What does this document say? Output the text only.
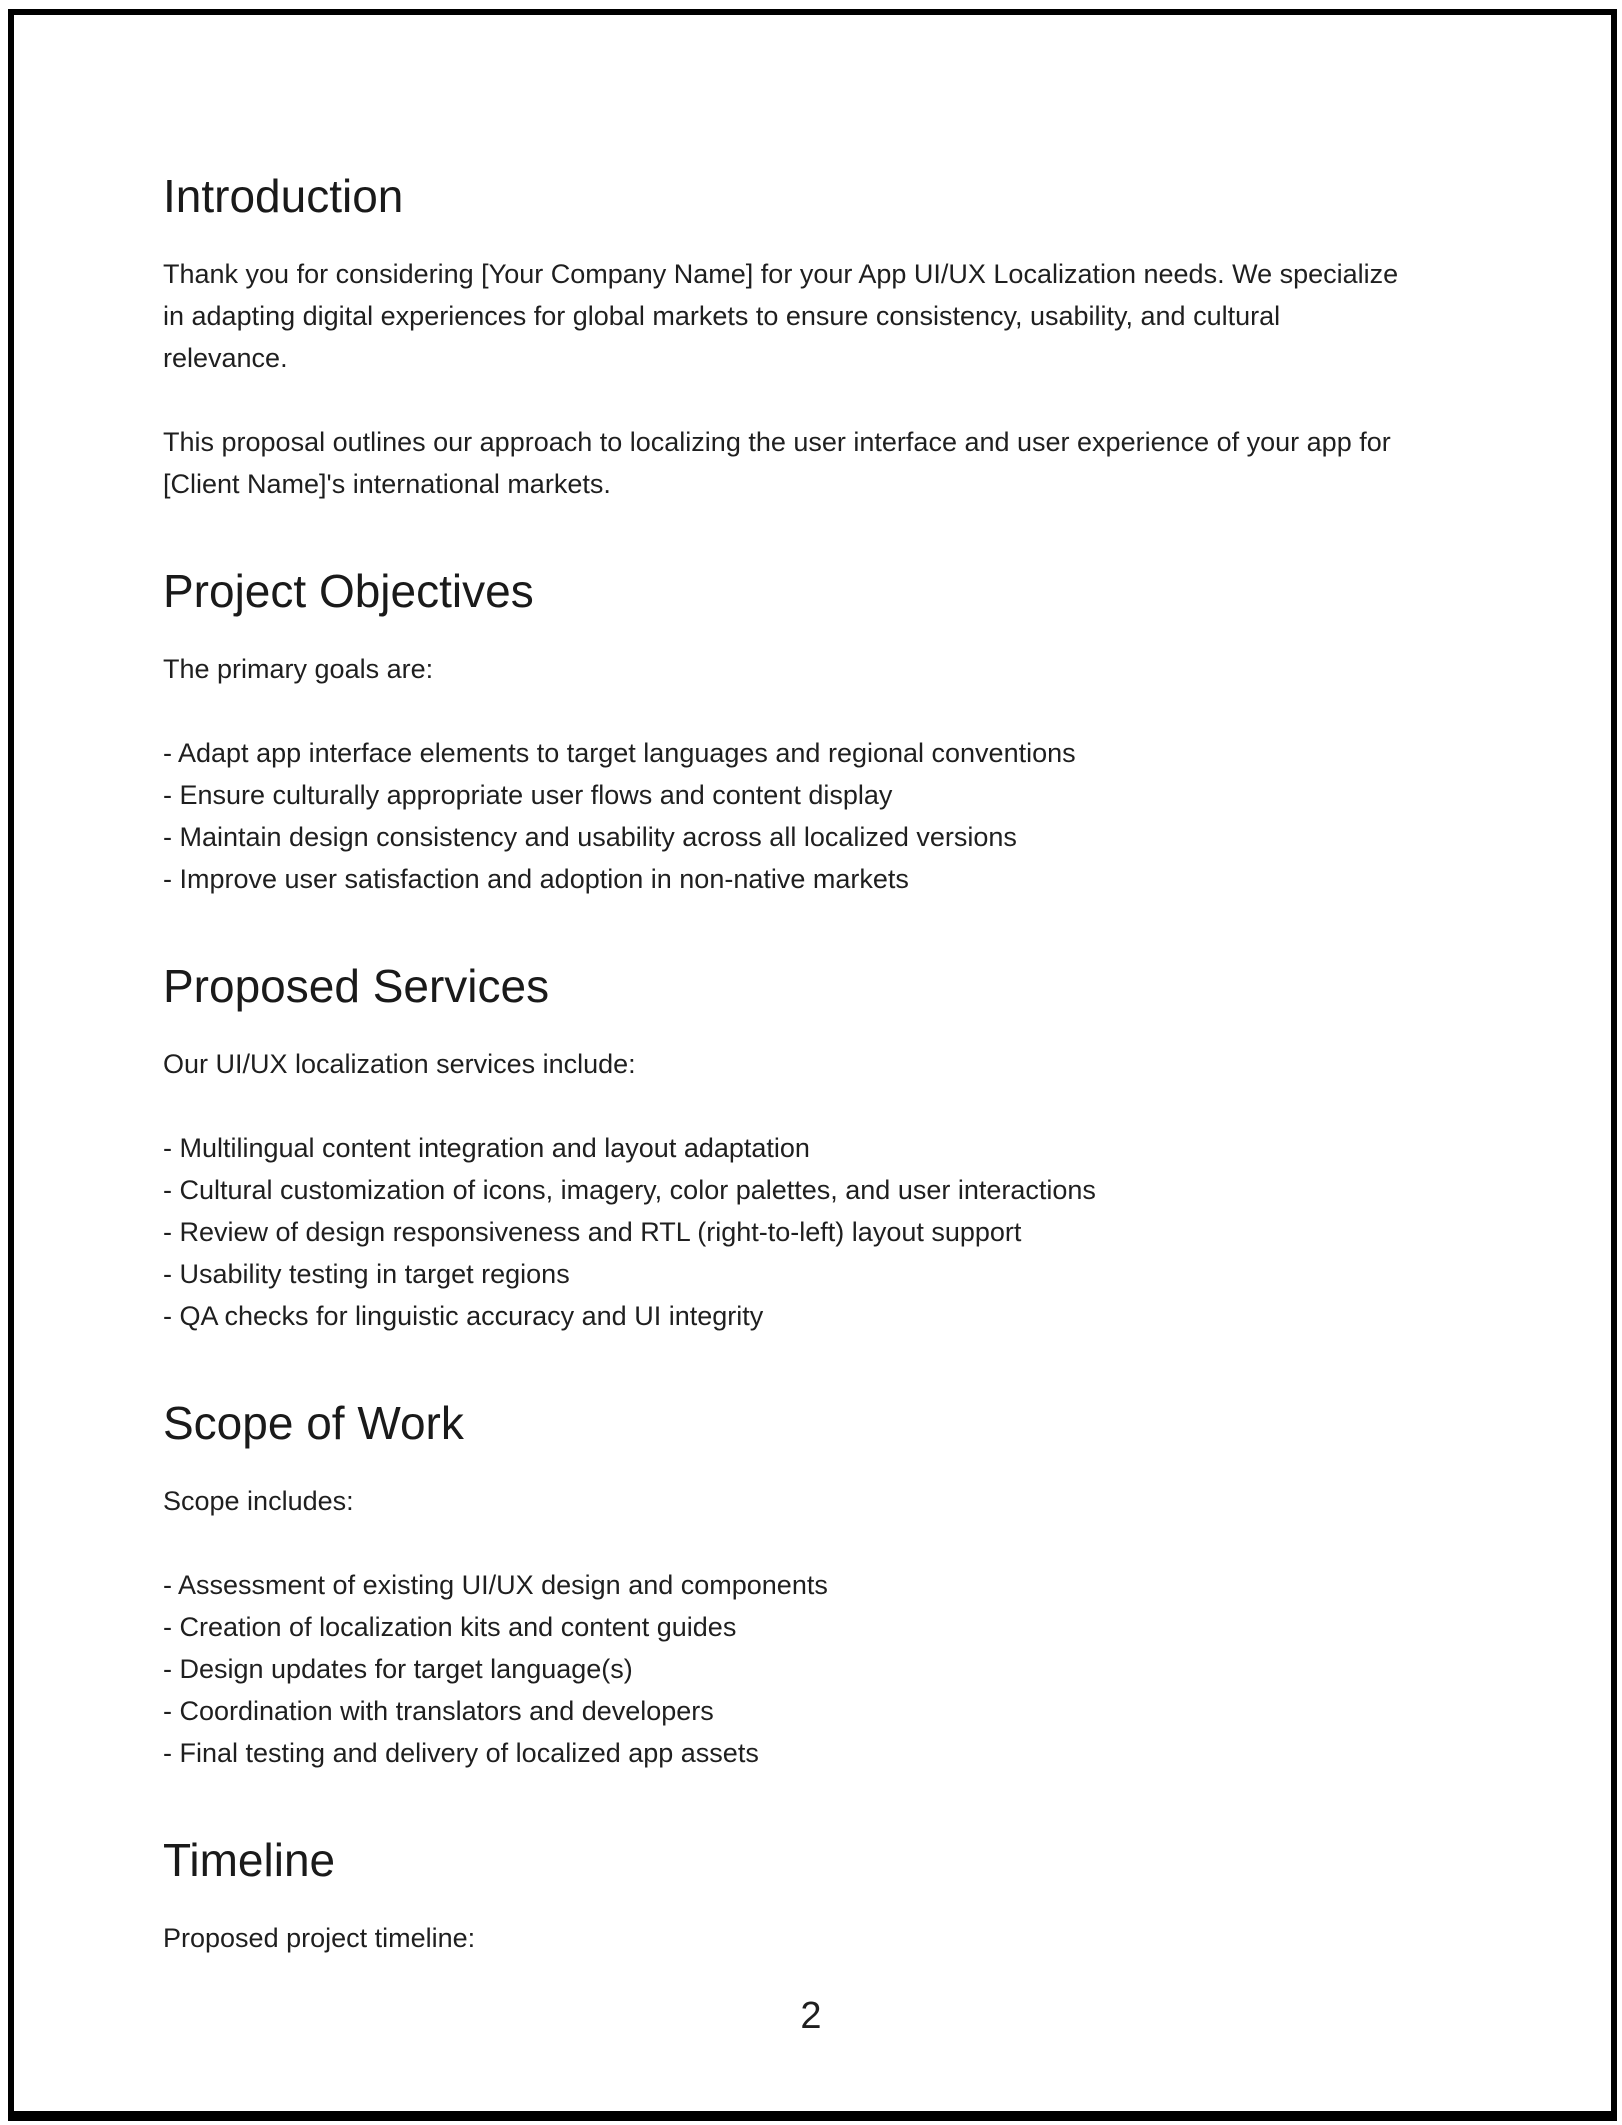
Introduction

Thank you for considering [Your Company Name] for your App UI/UX Localization needs. We specialize in adapting digital experiences for global markets to ensure consistency, usability, and cultural relevance.

This proposal outlines our approach to localizing the user interface and user experience of your app for [Client Name]'s international markets.

Project Objectives

The primary goals are:

- Adapt app interface elements to target languages and regional conventions
- Ensure culturally appropriate user flows and content display
- Maintain design consistency and usability across all localized versions
- Improve user satisfaction and adoption in non-native markets
Proposed Services

Our UI/UX localization services include:

- Multilingual content integration and layout adaptation
- Cultural customization of icons, imagery, color palettes, and user interactions
- Review of design responsiveness and RTL (right-to-left) layout support
- Usability testing in target regions
- QA checks for linguistic accuracy and UI integrity
Scope of Work

Scope includes:

- Assessment of existing UI/UX design and components
- Creation of localization kits and content guides
- Design updates for target language(s)
- Coordination with translators and developers
- Final testing and delivery of localized app assets
Timeline

Proposed project timeline:

2
